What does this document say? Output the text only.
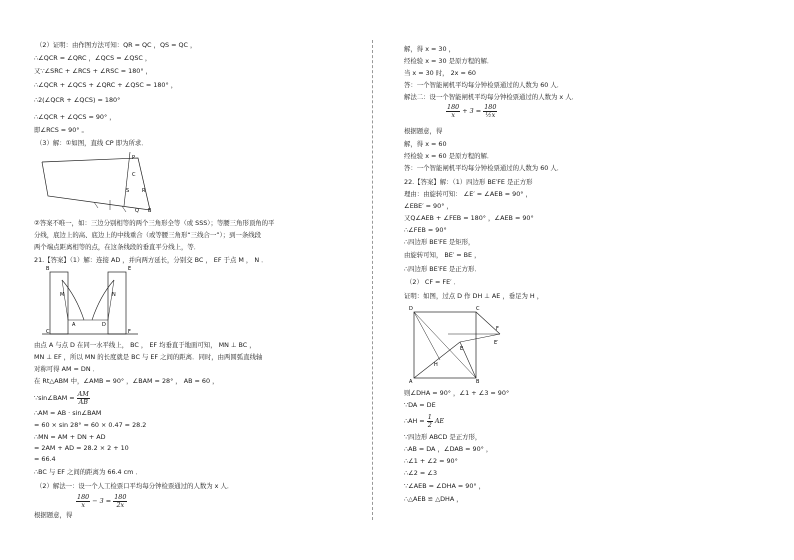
（2）证明：由作图方法可知：QR = QC ，QS = QC ，
∴∠QCR = ∠QRC ，∠QCS = ∠QSC ，
又∵∠SRC + ∠RCS + ∠RSC = 180° ，
∴∠QCR + ∠QCS + ∠QRC + ∠QSC = 180° ，
∴2(∠QCR + ∠QCS) = 180°
∴∠QCR + ∠QCS = 90° ，
即∠RCS = 90° 。
（3）解：①如图，直线 CP 即为所求．
P
C
S	R
Q B
②答案不唯一，如：三边分别相等的两个三角形全等（或 SSS）；等腰三角形顶角的平
分线，底边上的高、底边上的中线重合（或等腰三角形“三线合一”）；到一条线段
两个端点距离相等的点，在这条线段的垂直平分线上，等．
21.【答案】（1）解：连接 AD ，并向两方延长，分别交 BC ， EF 于点 M ， N ．
B	E
M	N
A	D
C	F
由点 A 与点 D 在同一水平线上， BC ， EF 均垂直于地面可知， MN ⊥ BC ，
MN ⊥ EF ，所以 MN 的长度就是 BC 与 EF 之间的距离．同时，由两圆弧直线轴
对称可得 AM = DN ．
在 Rt△ABM 中，∠AMB = 90° ，∠BAM = 28° ， AB = 60 ，
∵sin∠BAM = $\frac{AM}{AB}$
∴AM = AB · sin∠BAM
= 60 × sin 28° ≈ 60 × 0.47 = 28.2
∴MN = AM + DN + AD
= 2AM + AD = 28.2 × 2 + 10
= 66.4
∴BC 与 EF 之间的距离为 66.4 cm ．
（2）解法一：设一个人工检票口平均每分钟检票通过的人数为 x 人．

$\frac{180}{x} - 3 = \frac{180}{2x}$
根据题意，得
解，得 x = 30 ，
经检验 x = 30 是原方程的解．
当 x = 30 时， 2x = 60
答：一个智能闸机平均每分钟检票通过的人数为 60 人．
解法二：设一个智能闸机平均每分钟检票通过的人数为 x 人．

$\frac{180}{x} + 3 = \frac{180}{\text{½x}}$
根据题意，得
解，得 x = 60
经检验 x = 60 是原方程的解．
答：一个智能闸机平均每分钟检票通过的人数为 60 人．
22.【答案】解：（1）四边形 BE′FE 是正方形
理由：由旋转可知： ∠E′ = ∠AEB = 90° ，
∠EBE′ = 90° ，
又Q∠AEB + ∠FEB = 180° ，∠AEB = 90°
∴∠FEB = 90°
∴四边形 BE′FE 是矩形，
由旋转可知， BE′ = BE ，
∴四边形 BE′FE 是正方形．
（2） CF = FE′ ．
证明：如图，过点 D 作 DH ⊥ AE ，垂足为 H ，
D
A	B
C
H
E
F
E′
则∠DHA = 90° ，∠1 + ∠3 = 90°
∵DA = DE
∴AH = $\frac{1}{2}$ AE
∵四边形 ABCD 是正方形，
∴AB = DA ，∠DAB = 90° ，
∴∠1 + ∠2 = 90°
∴∠2 = ∠3
∵∠AEB = ∠DHA = 90° ，
∴△AEB ≌ △DHA ，
